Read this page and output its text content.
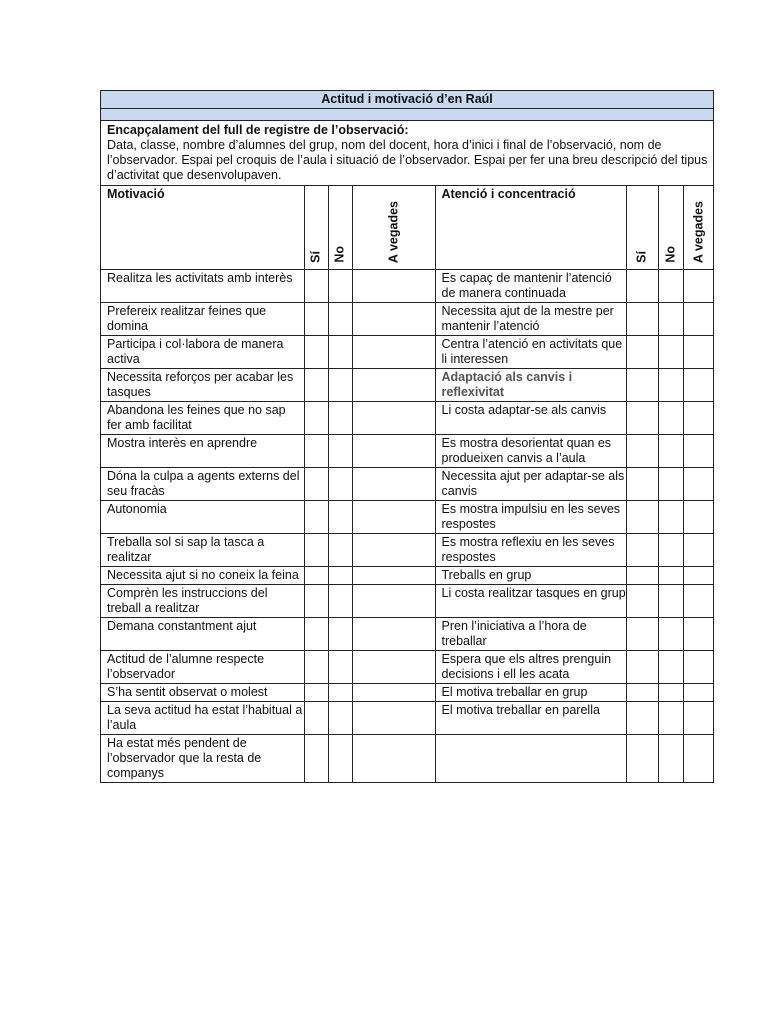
Actitud i motivació d’en Raúl							

Encapçalament del full de registre de l’observació:
Data, classe, nombre d’alumnes del grup, nom del docent, hora d’inici i final de l’observació, nom de l’observador. Espai pel croquis de l’aula i situació de l’observador. Espai per fer una breu descripció del tipus d’activitat que desenvolupaven.							
Motivació	Sí	No	A vegades	Atenció i concentració	Sí	No	A vegades

Realitza les activitats amb interès				Es capaç de mantenir l’atenció de manera continuada			
Prefereix realitzar feines que domina				Necessita ajut de la mestre per mantenir l’atenció			
Participa i col·labora de manera activa				Centra l’atenció en activitats que li interessen			
Necessita reforços per acabar les tasques				Adaptació als canvis i reflexivitat			
Abandona les feines que no sap fer amb facilitat				Li costa adaptar-se als canvis			
Mostra interès en aprendre				Es mostra desorientat quan es produeixen canvis a l’aula			
Dóna la culpa a agents externs del seu fracàs				Necessita ajut per adaptar-se als canvis			
Autonomia				Es mostra impulsiu en les seves respostes			
Treballa sol si sap la tasca a realitzar				Es mostra reflexiu en les seves respostes			
Necessita ajut si no coneix la feina				Treballs en grup			
Comprèn les instruccions del treball a realitzar				Li costa realitzar tasques en grup			
Demana constantment ajut				Pren l’iniciativa a l’hora de treballar			
Actitud de l’alumne respecte l’observador				Espera que els altres prenguin decisions i ell les acata			
S’ha sentit observat o molest				El motiva treballar en grup			
La seva actitud ha estat l’habitual a l’aula				El motiva treballar en parella			
Ha estat més pendent de l’observador que la resta de companys							
